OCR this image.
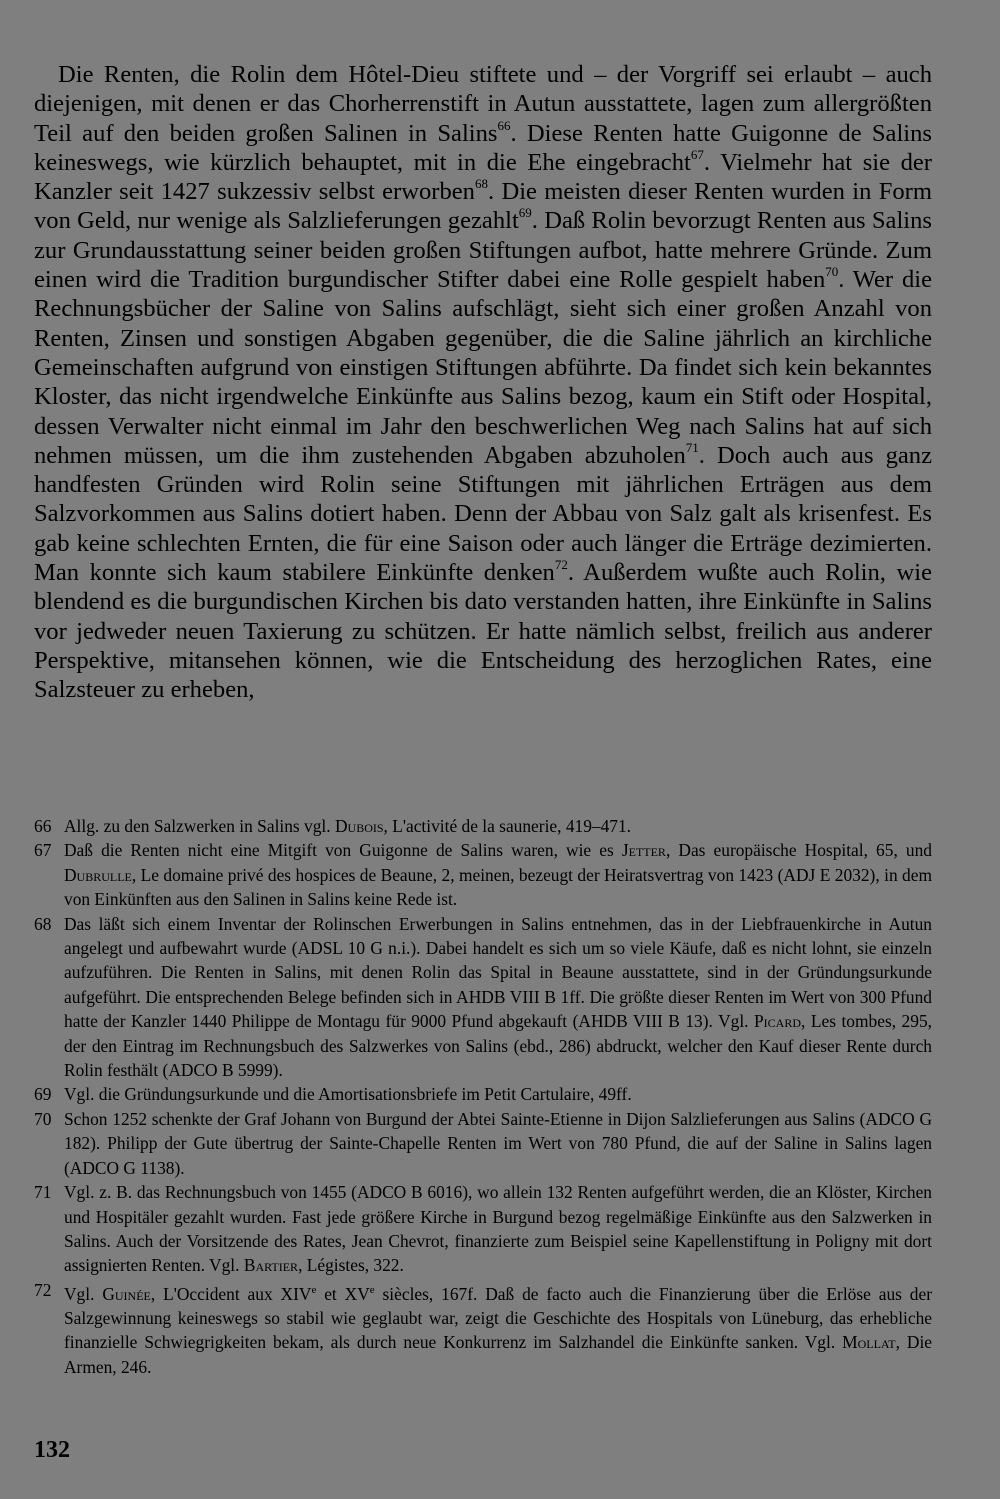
Die Renten, die Rolin dem Hôtel-Dieu stiftete und – der Vorgriff sei erlaubt – auch diejenigen, mit denen er das Chorherrenstift in Autun ausstattete, lagen zum allergrößten Teil auf den beiden großen Salinen in Salins$^{66}$. Diese Renten hatte Guigonne de Salins keineswegs, wie kürzlich behauptet, mit in die Ehe eingebracht$^{67}$. Vielmehr hat sie der Kanzler seit 1427 sukzessiv selbst erworben$^{68}$. Die meisten dieser Renten wurden in Form von Geld, nur wenige als Salzlieferungen gezahlt$^{69}$. Daß Rolin bevorzugt Renten aus Salins zur Grundausstattung seiner beiden großen Stiftungen aufbot, hatte mehrere Gründe. Zum einen wird die Tradition burgundischer Stifter dabei eine Rolle gespielt haben$^{70}$. Wer die Rechnungsbücher der Saline von Salins aufschlägt, sieht sich einer großen Anzahl von Renten, Zinsen und sonstigen Abgaben gegenüber, die die Saline jährlich an kirchliche Gemeinschaften aufgrund von einstigen Stiftungen abführte. Da findet sich kein bekanntes Kloster, das nicht irgendwelche Einkünfte aus Salins bezog, kaum ein Stift oder Hospital, dessen Verwalter nicht einmal im Jahr den beschwerlichen Weg nach Salins hat auf sich nehmen müssen, um die ihm zustehenden Abgaben abzuholen$^{71}$. Doch auch aus ganz handfesten Gründen wird Rolin seine Stiftungen mit jährlichen Erträgen aus dem Salzvorkommen aus Salins dotiert haben. Denn der Abbau von Salz galt als krisenfest. Es gab keine schlechten Ernten, die für eine Saison oder auch länger die Erträge dezimierten. Man konnte sich kaum stabilere Einkünfte denken$^{72}$. Außerdem wußte auch Rolin, wie blendend es die burgundischen Kirchen bis dato verstanden hatten, ihre Einkünfte in Salins vor jedweder neuen Taxierung zu schützen. Er hatte nämlich selbst, freilich aus anderer Perspektive, mitansehen können, wie die Entscheidung des herzoglichen Rates, eine Salzsteuer zu erheben,

66 Allg. zu den Salzwerken in Salins vgl. Dubois, L'activité de la saunerie, 419–471.
67 Daß die Renten nicht eine Mitgift von Guigonne de Salins waren, wie es Jetter, Das europäische Hospital, 65, und Dubrulle, Le domaine privé des hospices de Beaune, 2, meinen, bezeugt der Heiratsvertrag von 1423 (ADJ E 2032), in dem von Einkünften aus den Salinen in Salins keine Rede ist.
68 Das läßt sich einem Inventar der Rolinschen Erwerbungen in Salins entnehmen, das in der Liebfrauenkirche in Autun angelegt und aufbewahrt wurde (ADSL 10 G n.i.). Dabei handelt es sich um so viele Käufe, daß es nicht lohnt, sie einzeln aufzuführen. Die Renten in Salins, mit denen Rolin das Spital in Beaune ausstattete, sind in der Gründungsurkunde aufgeführt. Die entsprechenden Belege befinden sich in AHDB VIII B 1ff. Die größte dieser Renten im Wert von 300 Pfund hatte der Kanzler 1440 Philippe de Montagu für 9000 Pfund abgekauft (AHDB VIII B 13). Vgl. Picard, Les tombes, 295, der den Eintrag im Rechnungsbuch des Salzwerkes von Salins (ebd., 286) abdruckt, welcher den Kauf dieser Rente durch Rolin festhält (ADCO B 5999).
69 Vgl. die Gründungsurkunde und die Amortisationsbriefe im Petit Cartulaire, 49ff.
70 Schon 1252 schenkte der Graf Johann von Burgund der Abtei Sainte-Etienne in Dijon Salzlieferungen aus Salins (ADCO G 182). Philipp der Gute übertrug der Sainte-Chapelle Renten im Wert von 780 Pfund, die auf der Saline in Salins lagen (ADCO G 1138).
71 Vgl. z. B. das Rechnungsbuch von 1455 (ADCO B 6016), wo allein 132 Renten aufgeführt werden, die an Klöster, Kirchen und Hospitäler gezahlt wurden. Fast jede größere Kirche in Burgund bezog regelmäßige Einkünfte aus den Salzwerken in Salins. Auch der Vorsitzende des Rates, Jean Chevrot, finanzierte zum Beispiel seine Kapellenstiftung in Poligny mit dort assignierten Renten. Vgl. Bartier, Légistes, 322.
72 Vgl. Guinée, L'Occident aux XIVe et XVe siècles, 167f. Daß de facto auch die Finanzierung über die Erlöse aus der Salzgewinnung keineswegs so stabil wie geglaubt war, zeigt die Geschichte des Hospitals von Lüneburg, das erhebliche finanzielle Schwiegrigkeiten bekam, als durch neue Konkurrenz im Salzhandel die Einkünfte sanken. Vgl. Mollat, Die Armen, 246.
132
